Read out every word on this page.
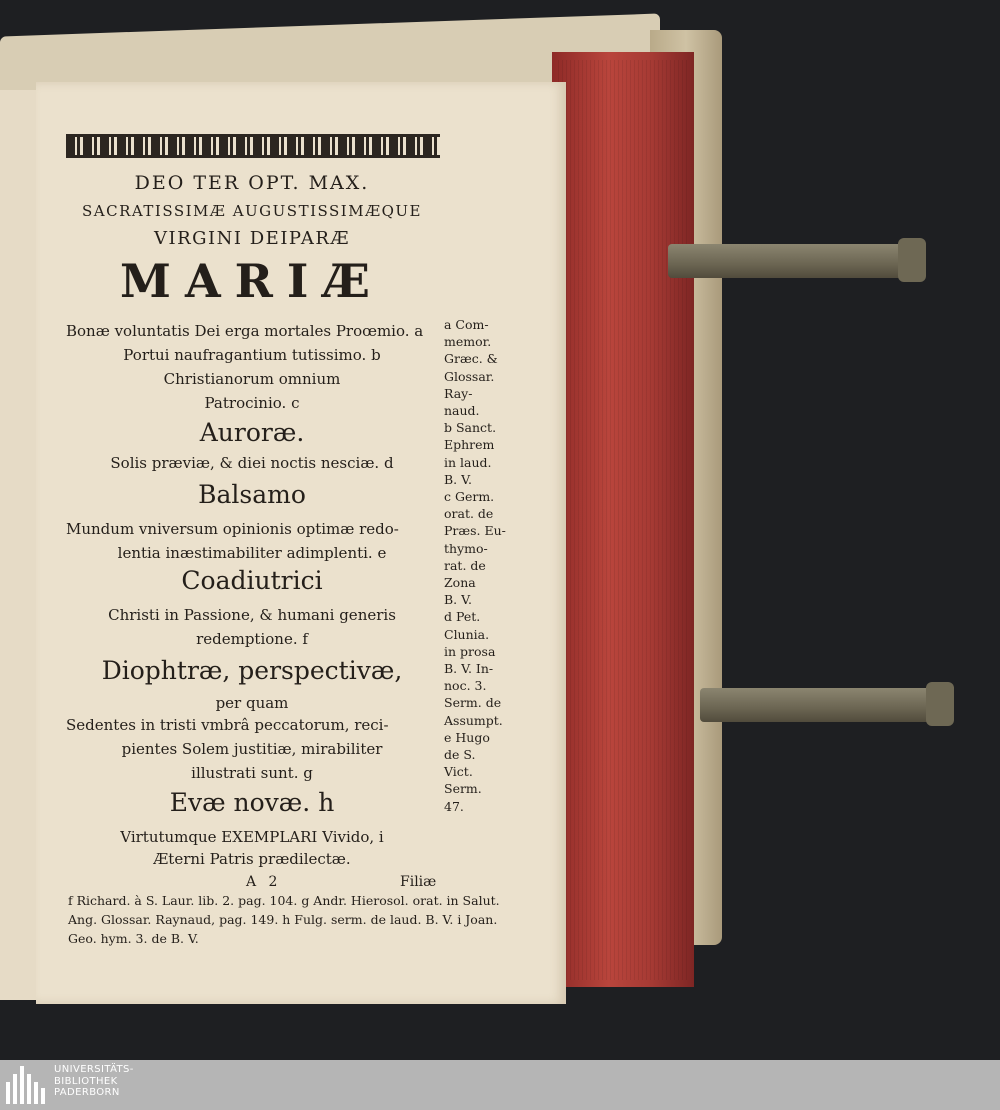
DEO TER OPT. MAX.
SACRATISSIMÆ AUGUSTISSIMÆQUE
VIRGINI DEIPARÆ
MARIÆ
Bonæ voluntatis Dei erga mortales Proœmio. a
Portui naufragantium tutissimo. b
Christianorum omnium
Patrocinio. c
Auroræ.
Solis præviæ, & diei noctis nesciæ. d
Balsamo
Mundum vniversum opinionis optimæ redo-
lentia inæstimabiliter adimplenti. e
Coadiutrici
Christi in Passione, & humani generis
redemptione. f
Diophtræ, perspectivæ,
per quam
Sedentes in tristi vmbrâ peccatorum, reci-
pientes Solem justitiæ, mirabiliter
illustrati sunt. g
Evæ novæ. h
Virtutumque EXEMPLARI Vivido, i
Æterni Patris prædilectæ.
A 2	Filiæ
a Com-
memor.
Græc. &
Glossar.
Ray-
naud.
b Sanct.
Ephrem
in laud.
B. V.
c Germ.
orat. de
Præs. Eu-
thymo-
rat. de
Zona
B. V.
d Pet.
Clunia.
in prosa
B. V. In-
noc. 3.
Serm. de
Assumpt.
e Hugo
de S.
Vict.
Serm.
47.
f Richard. à S. Laur. lib. 2. pag. 104. g Andr. Hierosol. orat. in Salut.
Ang. Glossar. Raynaud, pag. 149. h Fulg. serm. de laud. B. V. i Joan.
Geo. hym. 3. de B. V.
UNIVERSITÄTS-
BIBLIOTHEK
PADERBORN
